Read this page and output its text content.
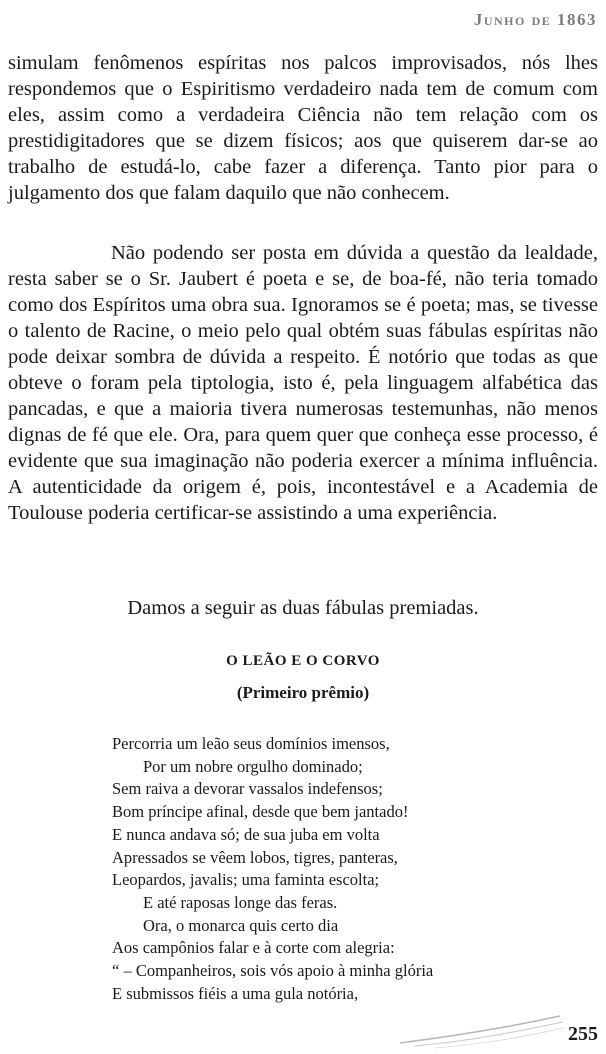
Junho de 1863

simulam fenômenos espíritas nos palcos improvisados, nós lhes respondemos que o Espiritismo verdadeiro nada tem de comum com eles, assim como a verdadeira Ciência não tem relação com os prestidigitadores que se dizem físicos; aos que quiserem dar-se ao trabalho de estudá-lo, cabe fazer a diferença. Tanto pior para o julgamento dos que falam daquilo que não conhecem.

Não podendo ser posta em dúvida a questão da lealdade, resta saber se o Sr. Jaubert é poeta e se, de boa-fé, não teria tomado como dos Espíritos uma obra sua. Ignoramos se é poeta; mas, se tivesse o talento de Racine, o meio pelo qual obtém suas fábulas espíritas não pode deixar sombra de dúvida a respeito. É notório que todas as que obteve o foram pela tiptologia, isto é, pela linguagem alfabética das pancadas, e que a maioria tivera numerosas testemunhas, não menos dignas de fé que ele. Ora, para quem quer que conheça esse processo, é evidente que sua imaginação não poderia exercer a mínima influência. A autenticidade da origem é, pois, incontestável e a Academia de Toulouse poderia certificar-se assistindo a uma experiência.

Damos a seguir as duas fábulas premiadas.

O LEÃO E O CORVO

(Primeiro prêmio)

Percorria um leão seus domínios imensos,
Por um nobre orgulho dominado;
Sem raiva a devorar vassalos indefensos;
Bom príncipe afinal, desde que bem jantado!
E nunca andava só; de sua juba em volta
Apressados se vêem lobos, tigres, panteras,
Leopardos, javalis; uma faminta escolta;
E até raposas longe das feras.
Ora, o monarca quis certo dia
Aos campônios falar e à corte com alegria:
“ – Companheiros, sois vós apoio à minha glória
E submissos fiéis a uma gula notória,
255
